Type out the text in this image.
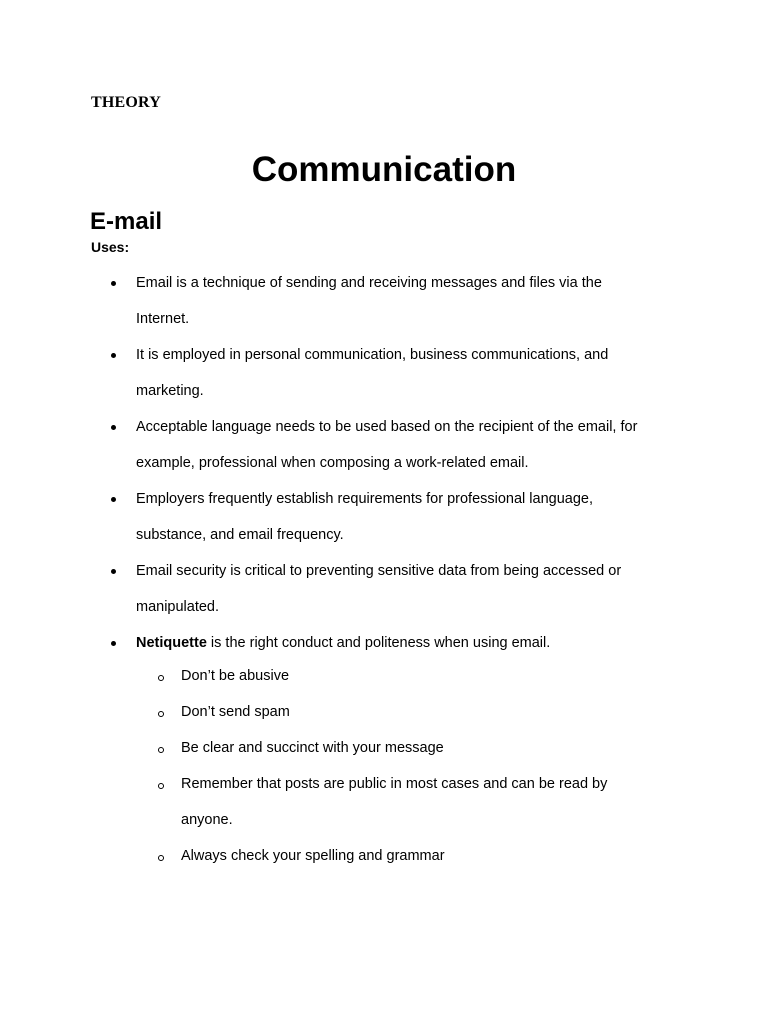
THEORY
Communication
E-mail
Uses:
Email is a technique of sending and receiving messages and files via the Internet.
It is employed in personal communication, business communications, and marketing.
Acceptable language needs to be used based on the recipient of the email, for example, professional when composing a work-related email.
Employers frequently establish requirements for professional language, substance, and email frequency.
Email security is critical to preventing sensitive data from being accessed or manipulated.
Netiquette is the right conduct and politeness when using email.
Don’t be abusive
Don’t send spam
Be clear and succinct with your message
Remember that posts are public in most cases and can be read by anyone.
Always check your spelling and grammar
